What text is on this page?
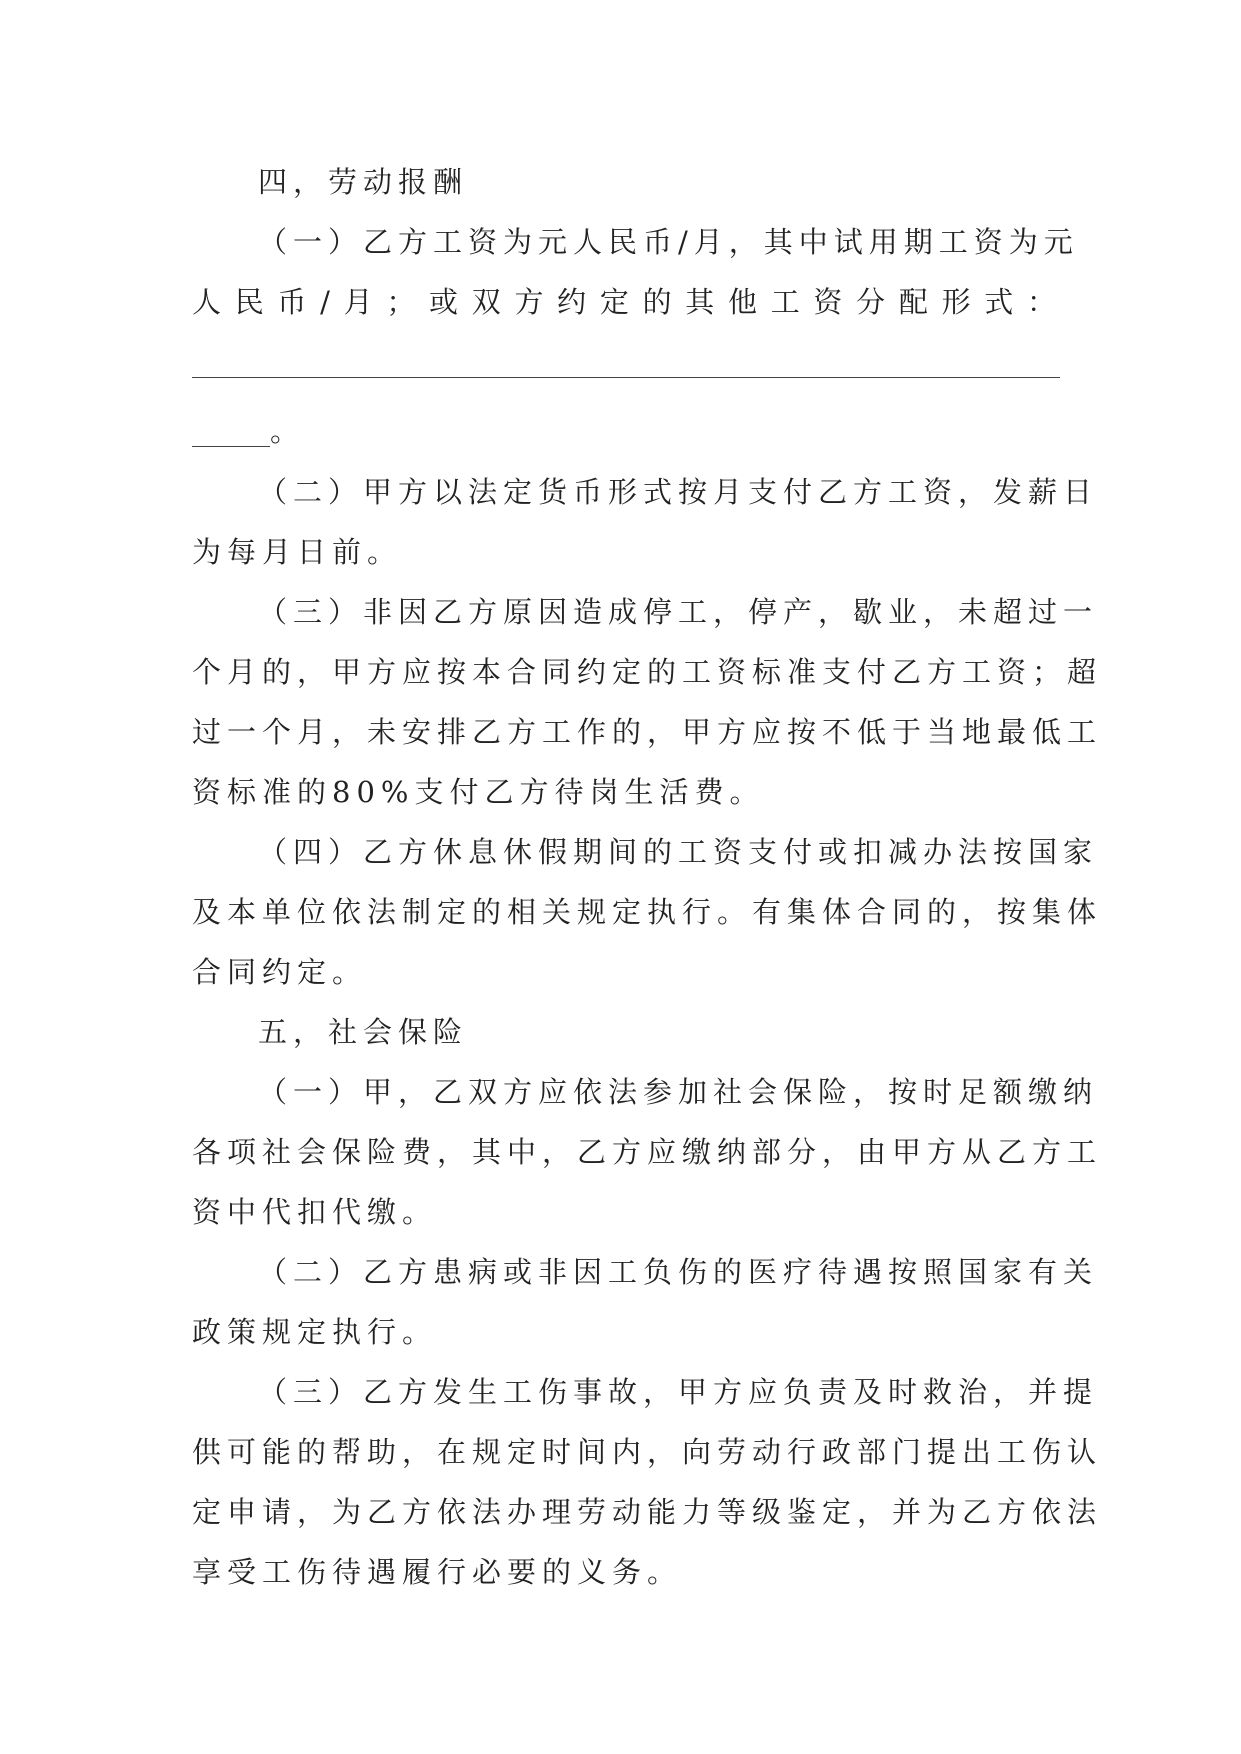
四，劳动报酬
（一）乙方工资为元人民币/月，其中试用期工资为元
人民币/月；或双方约定的其他工资分配形式：
。
（二）甲方以法定货币形式按月支付乙方工资，发薪日
为每月日前。
（三）非因乙方原因造成停工，停产，歇业，未超过一
个月的，甲方应按本合同约定的工资标准支付乙方工资；超
过一个月，未安排乙方工作的，甲方应按不低于当地最低工
资标准的80%支付乙方待岗生活费。
（四）乙方休息休假期间的工资支付或扣减办法按国家
及本单位依法制定的相关规定执行。有集体合同的，按集体
合同约定。
五，社会保险
（一）甲，乙双方应依法参加社会保险，按时足额缴纳
各项社会保险费，其中，乙方应缴纳部分，由甲方从乙方工
资中代扣代缴。
（二）乙方患病或非因工负伤的医疗待遇按照国家有关
政策规定执行。
（三）乙方发生工伤事故，甲方应负责及时救治，并提
供可能的帮助，在规定时间内，向劳动行政部门提出工伤认
定申请，为乙方依法办理劳动能力等级鉴定，并为乙方依法
享受工伤待遇履行必要的义务。
